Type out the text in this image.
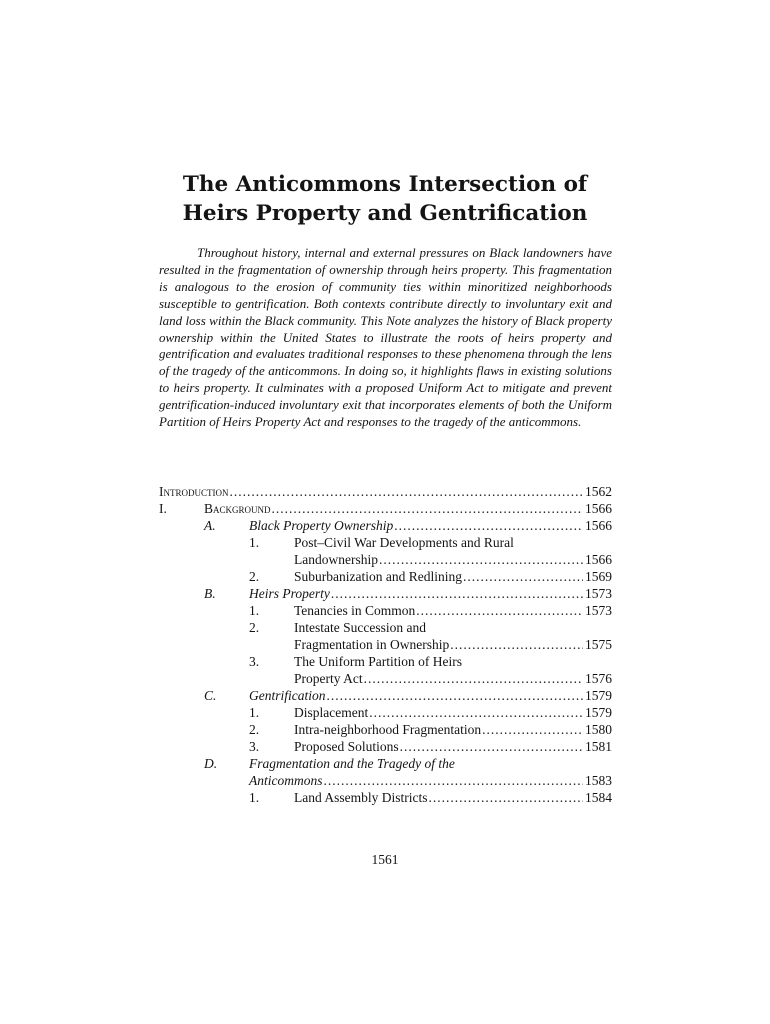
The Anticommons Intersection of
Heirs Property and Gentrification

Throughout history, internal and external pressures on Black landowners have resulted in the fragmentation of ownership through heirs property. This fragmentation is analogous to the erosion of community ties within minoritized neighborhoods susceptible to gentrification. Both contexts contribute directly to involuntary exit and land loss within the Black community. This Note analyzes the history of Black property ownership within the United States to illustrate the roots of heirs property and gentrification and evaluates traditional responses to these phenomena through the lens of the tragedy of the anticommons. In doing so, it highlights flaws in existing solutions to heirs property. It culminates with a proposed Uniform Act to mitigate and prevent gentrification-induced involuntary exit that incorporates elements of both the Uniform Partition of Heirs Property Act and responses to the tragedy of the anticommons.

Introduction .....	1562
I.	Background .....	1566
A. Black Property Ownership .....	1566
1.	Post–Civil War Developments and Rural
Landownership .....	1566
2.	Suburbanization and Redlining .....	1569
B. Heirs Property .....	1573
1.	Tenancies in Common .....	1573
2.	Intestate Succession and
Fragmentation in Ownership .....	1575
3.	The Uniform Partition of Heirs
Property Act .....	1576
C. Gentrification .....	1579
1.	Displacement .....	1579
2.	Intra-neighborhood Fragmentation .....	1580
3.	Proposed Solutions .....	1581
D. Fragmentation and the Tragedy of the
Anticommons .....	1583
1.	Land Assembly Districts .....	1584
1561
